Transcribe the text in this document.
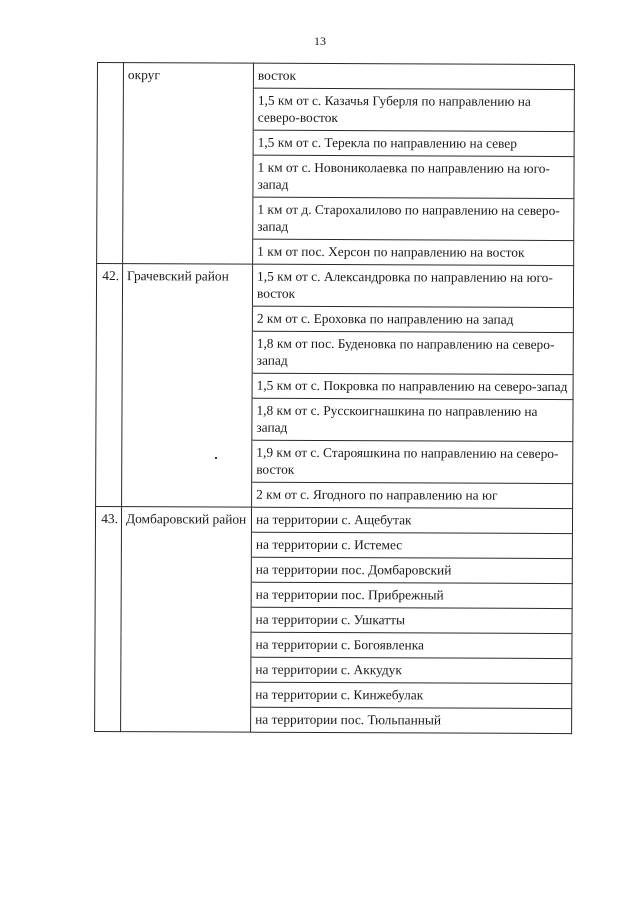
13
	округ	восток
		1,5 км от с. Казачья Губерля по направлению на северо-восток
		1,5 км от с. Терекла по направлению на север
		1 км от с. Новониколаевка по направлению на юго-запад
		1 км от д. Старохалилово по направлению на северо-запад
		1 км от пос. Херсон по направлению на восток
42.	Грачевский район	1,5 км от с. Александровка по направлению на юго-восток
		2 км от с. Ероховка по направлению на запад
		1,8 км от пос. Буденовка по направлению на северо-запад
		1,5 км от с. Покровка по направлению на северо-запад
		1,8 км от с. Русскоигнашкина по направлению на запад
		1,9 км от с. Старояшкина по направлению на северо-восток
		2 км от с. Ягодного по направлению на юг
43.	Домбаровский район	на территории с. Ащебутак
		на территории с. Истемес
		на территории пос. Домбаровский
		на территории пос. Прибрежный
		на территории с. Ушкатты
		на территории с. Богоявленка
		на территории с. Аккудук
		на территории с. Кинжебулак
		на территории пос. Тюльпанный
